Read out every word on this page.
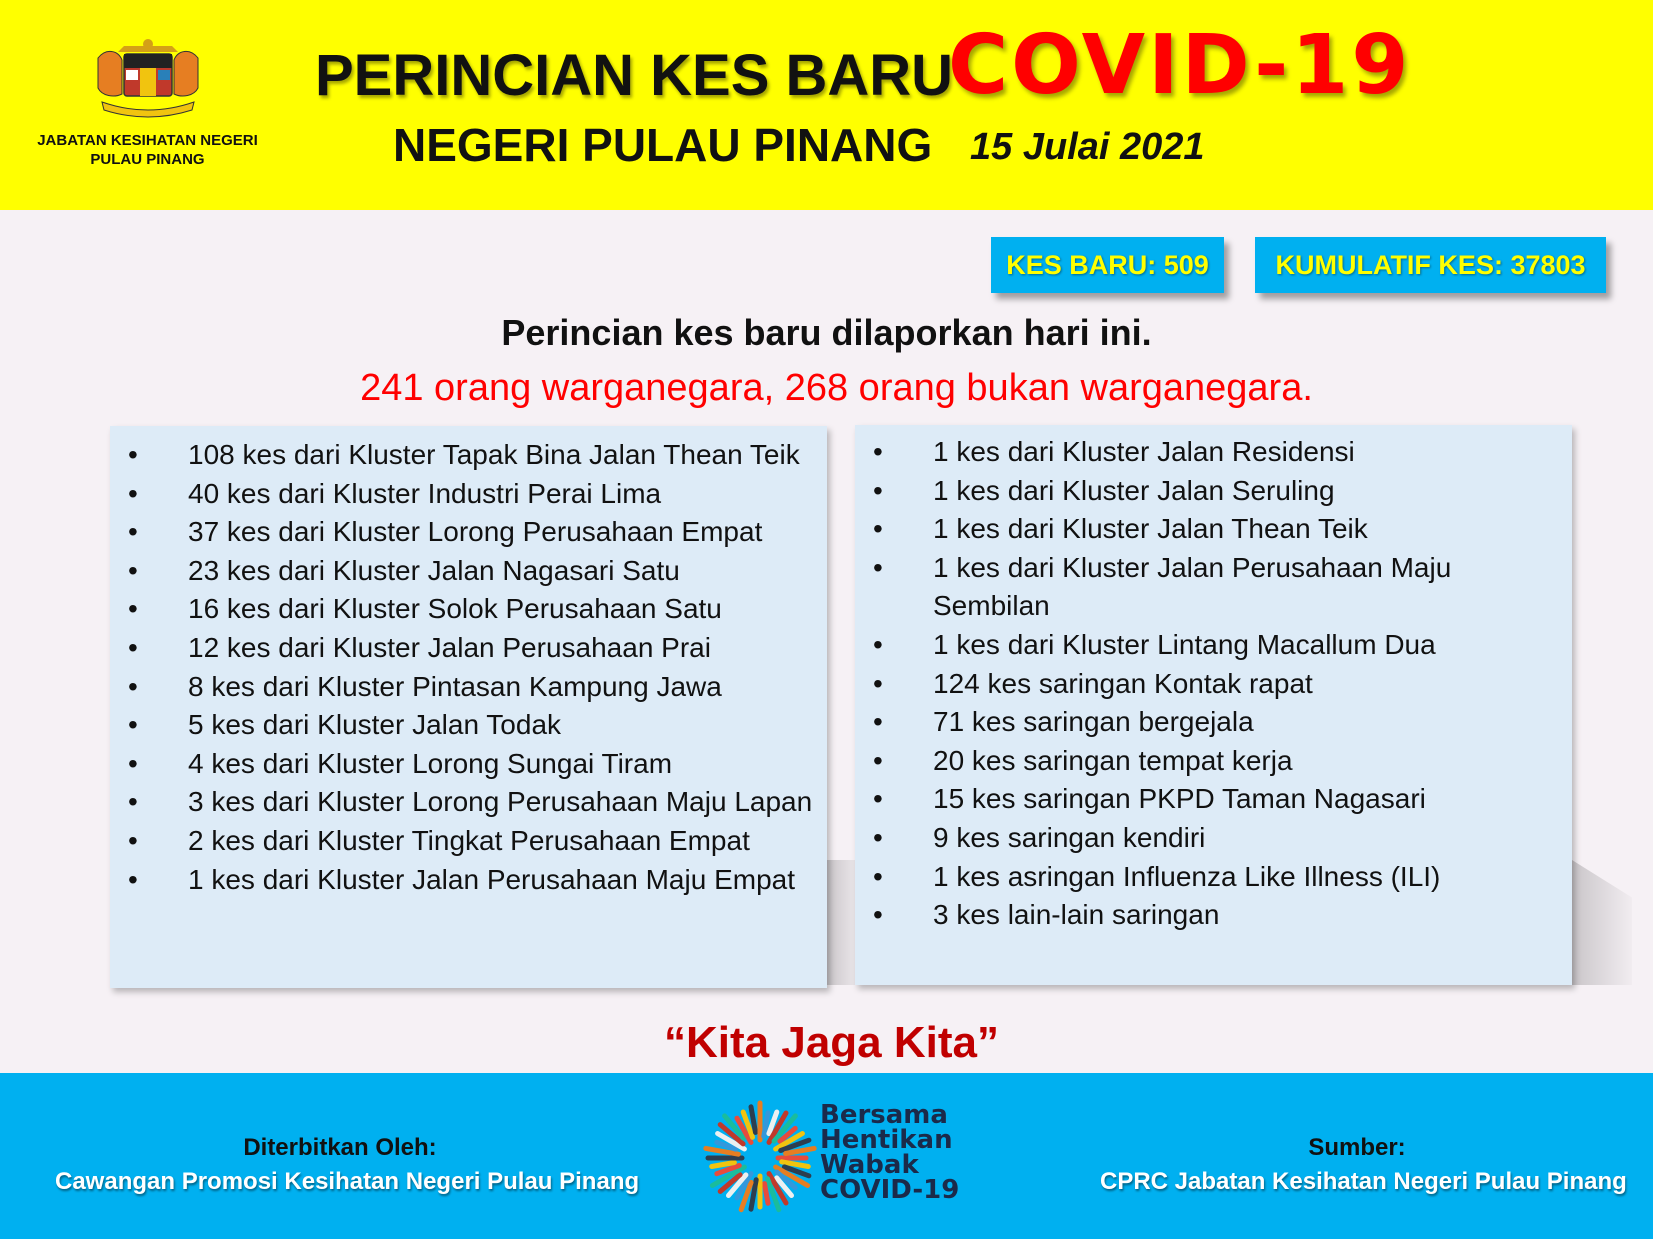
JABATAN KESIHATAN NEGERI
PULAU PINANG
PERINCIAN KES BARU
COVID-19
NEGERI PULAU PINANG 15 Julai 2021
KES BARU: 509	KUMULATIF KES: 37803
Perincian kes baru dilaporkan hari ini.
241 orang warganegara, 268 orang bukan warganegara.
• 108 kes dari Kluster Tapak Bina Jalan Thean Teik
• 40 kes dari Kluster Industri Perai Lima
• 37 kes dari Kluster Lorong Perusahaan Empat
• 23 kes dari Kluster Jalan Nagasari Satu
• 16 kes dari Kluster Solok Perusahaan Satu
• 12 kes dari Kluster Jalan Perusahaan Prai
• 8 kes dari Kluster Pintasan Kampung Jawa
• 5 kes dari Kluster Jalan Todak
• 4 kes dari Kluster Lorong Sungai Tiram
• 3 kes dari Kluster Lorong Perusahaan Maju Lapan
• 2 kes dari Kluster Tingkat Perusahaan Empat
• 1 kes dari Kluster Jalan Perusahaan Maju Empat
• 1 kes dari Kluster Jalan Residensi
• 1 kes dari Kluster Jalan Seruling
• 1 kes dari Kluster Jalan Thean Teik
• 1 kes dari Kluster Jalan Perusahaan Maju Sembilan
• 1 kes dari Kluster Lintang Macallum Dua
• 124 kes saringan Kontak rapat
• 71 kes saringan bergejala
• 20 kes saringan tempat kerja
• 15 kes saringan PKPD Taman Nagasari
• 9 kes saringan kendiri
• 1 kes asringan Influenza Like Illness (ILI)
• 3 kes lain-lain saringan
“Kita Jaga Kita”
Diterbitkan Oleh:
Cawangan Promosi Kesihatan Negeri Pulau Pinang
Sumber:
CPRC Jabatan Kesihatan Negeri Pulau Pinang
Bersama
Hentikan
Wabak
COVID-19
